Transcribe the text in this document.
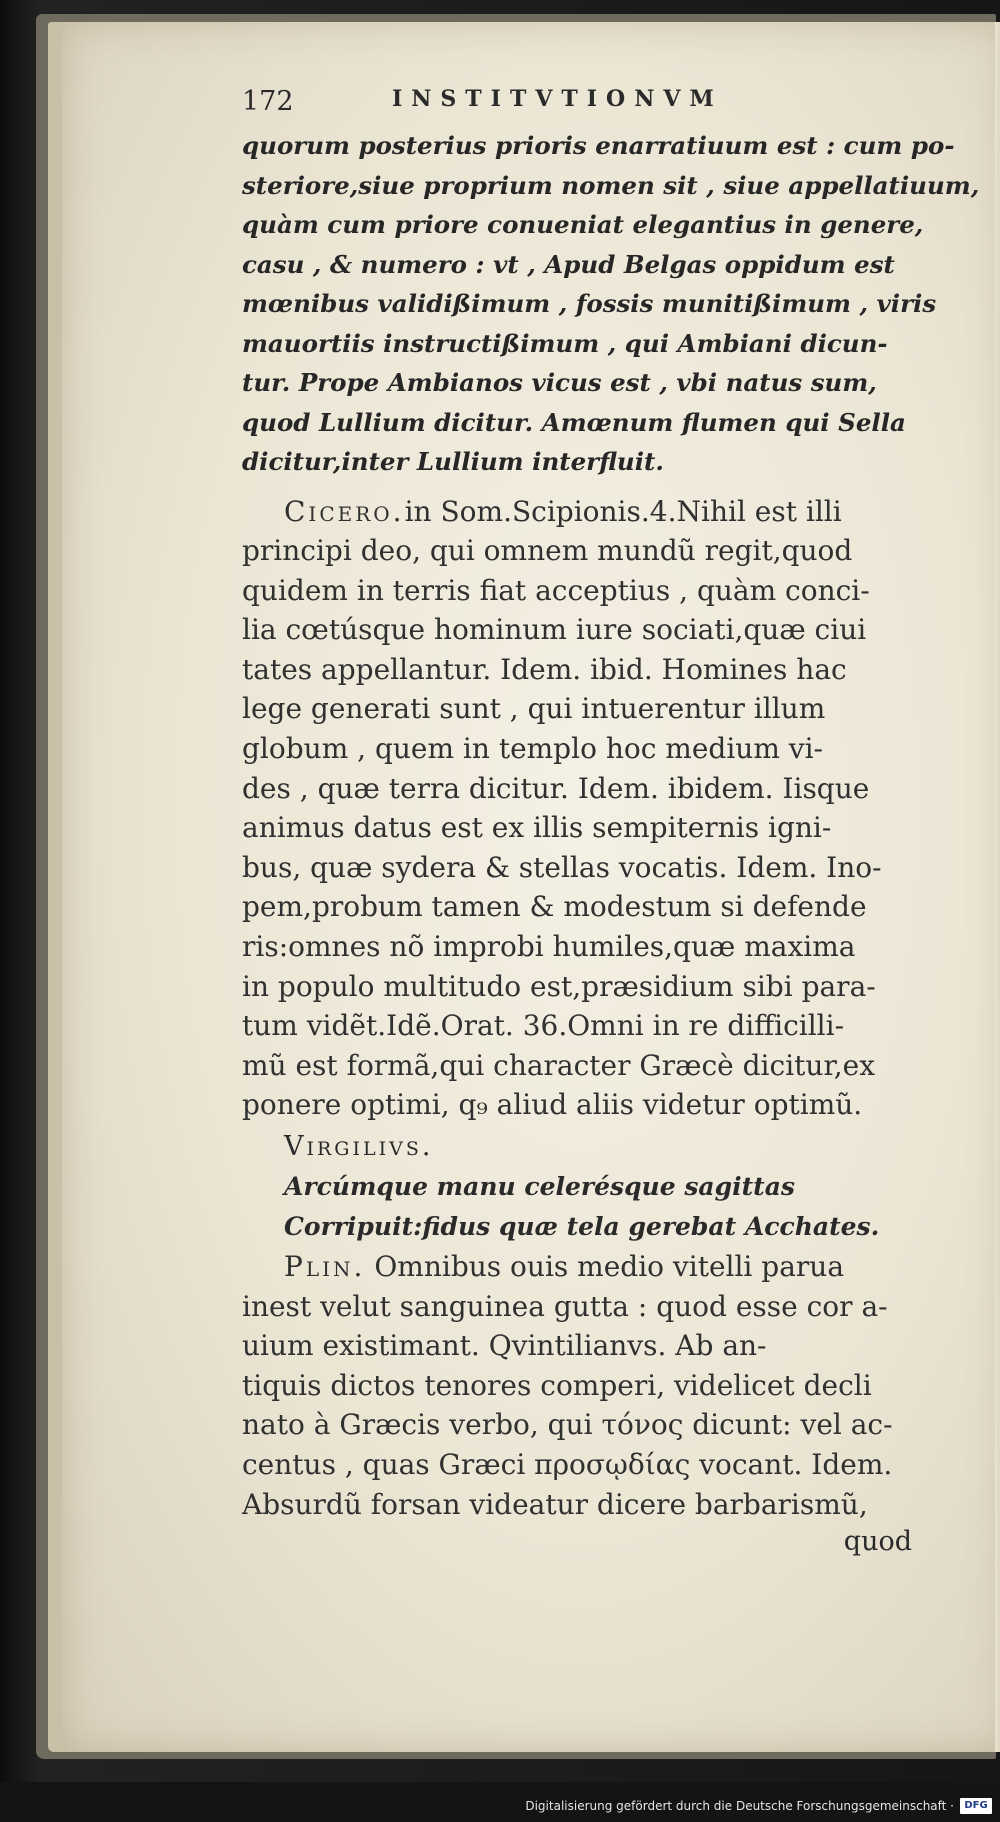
172	INSTITVTIONVM
quorum posterius prioris enarratiuum est : cum po-
steriore,siue proprium nomen sit , siue appellatiuum,
quàm cum priore conueniat elegantius in genere,
casu , & numero : vt , Apud Belgas oppidum est
mœnibus validißimum , fossis munitißimum , viris
mauortiis instructißimum , qui Ambiani dicun-
tur. Prope Ambianos vicus est , vbi natus sum,
quod Lullium dicitur. Amœnum flumen qui Sella
dicitur,inter Lullium interfluit.
Cicero.in Som.Scipionis.4.Nihil est illi
principi deo, qui omnem mundũ regit,quod
quidem in terris fiat acceptius , quàm conci-
lia cœtúsque hominum iure sociati,quæ ciui
tates appellantur. Idem. ibid. Homines hac
lege generati sunt , qui intuerentur illum
globum , quem in templo hoc medium vi-
des , quæ terra dicitur. Idem. ibidem. Iisque
animus datus est ex illis sempiternis igni-
bus, quæ sydera & stellas vocatis. Idem. Ino-
pem,probum tamen & modestum si defende
ris:omnes nõ improbi humiles,quæ maxima
in populo multitudo est,præsidium sibi para-
tum vidẽt.Idẽ.Orat. 36.Omni in re difficilli-
mũ est formã,qui character Græcè dicitur,ex
ponere optimi, q₉ aliud aliis videtur optimũ.
Virgilivs.
Arcúmque manu celerésque sagittas
Corripuit:fidus quæ tela gerebat Acchates.
Plin. Omnibus ouis medio vitelli parua
inest velut sanguinea gutta : quod esse cor a-
uium existimant. Qvintilianvs. Ab an-
tiquis dictos tenores comperi, videlicet decli
nato à Græcis verbo, qui τόνος dicunt: vel ac-
centus , quas Græci προσῳδίας vocant. Idem.
Absurdũ forsan videatur dicere barbarismũ,
quod
Digitalisierung gefördert durch die Deutsche Forschungsgemeinschaft ·	DFG
